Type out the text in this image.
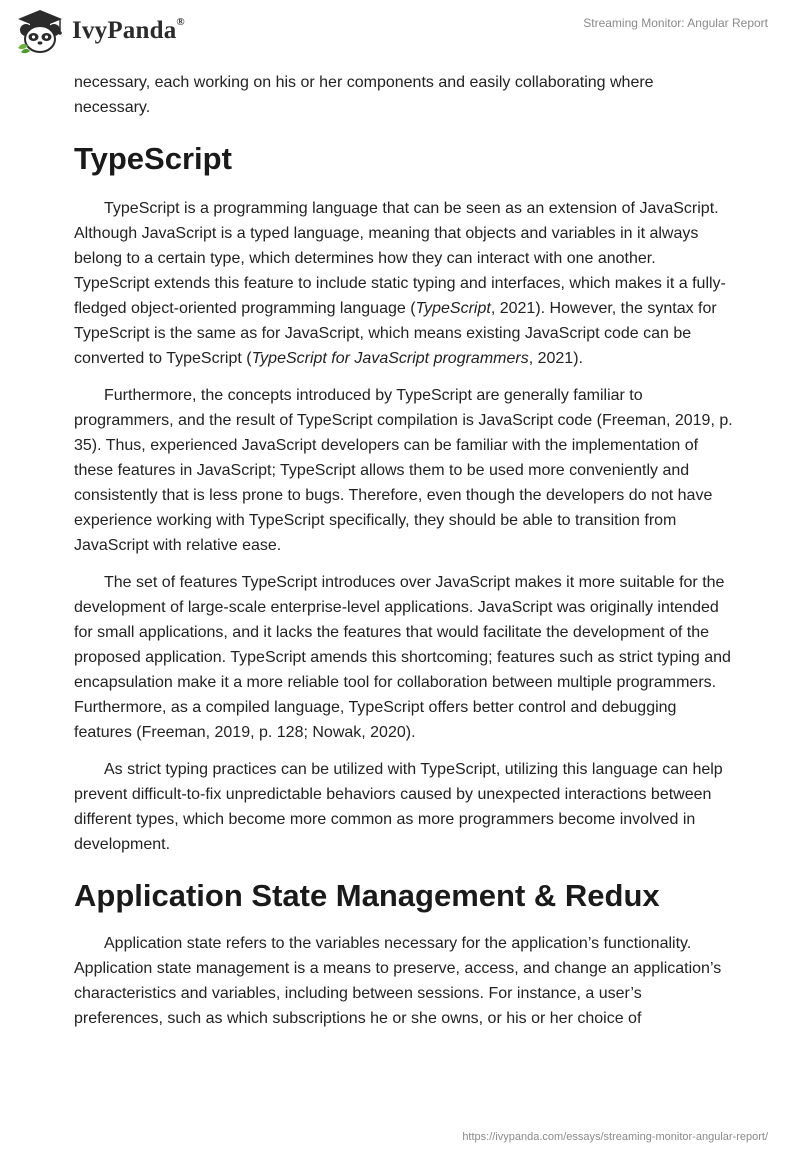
IvyPanda®	Streaming Monitor: Angular Report

necessary, each working on his or her components and easily collaborating where necessary.

TypeScript

TypeScript is a programming language that can be seen as an extension of JavaScript. Although JavaScript is a typed language, meaning that objects and variables in it always belong to a certain type, which determines how they can interact with one another. TypeScript extends this feature to include static typing and interfaces, which makes it a fully-fledged object-oriented programming language (TypeScript, 2021). However, the syntax for TypeScript is the same as for JavaScript, which means existing JavaScript code can be converted to TypeScript (TypeScript for JavaScript programmers, 2021).

Furthermore, the concepts introduced by TypeScript are generally familiar to programmers, and the result of TypeScript compilation is JavaScript code (Freeman, 2019, p. 35). Thus, experienced JavaScript developers can be familiar with the implementation of these features in JavaScript; TypeScript allows them to be used more conveniently and consistently that is less prone to bugs. Therefore, even though the developers do not have experience working with TypeScript specifically, they should be able to transition from JavaScript with relative ease.

The set of features TypeScript introduces over JavaScript makes it more suitable for the development of large-scale enterprise-level applications. JavaScript was originally intended for small applications, and it lacks the features that would facilitate the development of the proposed application. TypeScript amends this shortcoming; features such as strict typing and encapsulation make it a more reliable tool for collaboration between multiple programmers. Furthermore, as a compiled language, TypeScript offers better control and debugging features (Freeman, 2019, p. 128; Nowak, 2020).

As strict typing practices can be utilized with TypeScript, utilizing this language can help prevent difficult-to-fix unpredictable behaviors caused by unexpected interactions between different types, which become more common as more programmers become involved in development.

Application State Management & Redux

Application state refers to the variables necessary for the application’s functionality. Application state management is a means to preserve, access, and change an application’s characteristics and variables, including between sessions. For instance, a user’s preferences, such as which subscriptions he or she owns, or his or her choice of

https://ivypanda.com/essays/streaming-monitor-angular-report/
